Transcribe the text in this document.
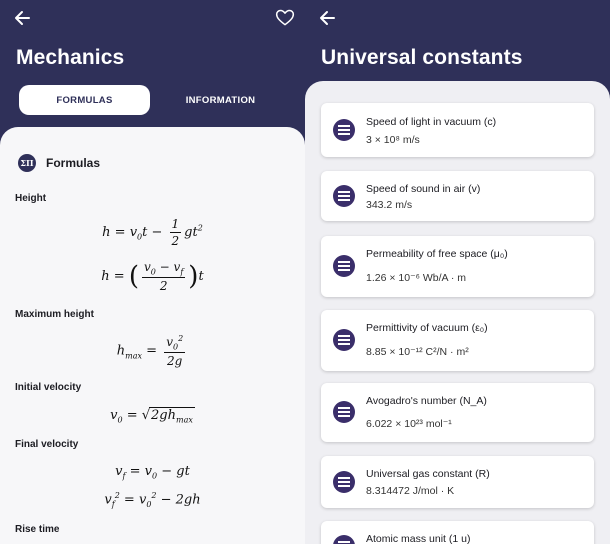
Mechanics
FORMULAS	INFORMATION
ΣΠ Formulas
Height
$h = v_0t - \frac{1}{2} gt^2$
h = ( $\frac{v_0 - v_f}{2} )t$
Maximum height
$h_{max} = \frac{v_0^2}{2g}$
Initial velocity
$v_0 = √2gh_{max}$
Final velocity
$v_f = v_0$ − gt
$v_f^2 = v_0^2 - 2gh$
Rise time
Universal constants
Speed of light in vacuum (c)
3 × 10⁸ m/s
Speed of sound in air (v)
343.2 m/s
Permeability of free space (μ₀)
1.26 × 10⁻⁶ Wb/A · m
Permittivity of vacuum (ε₀)
8.85 × 10⁻¹² C²/N · m²
Avogadro's number (N_A)
6.022 × 10²³ mol⁻¹
Universal gas constant (R)
8.314472 J/mol · K
Atomic mass unit (1 u)
